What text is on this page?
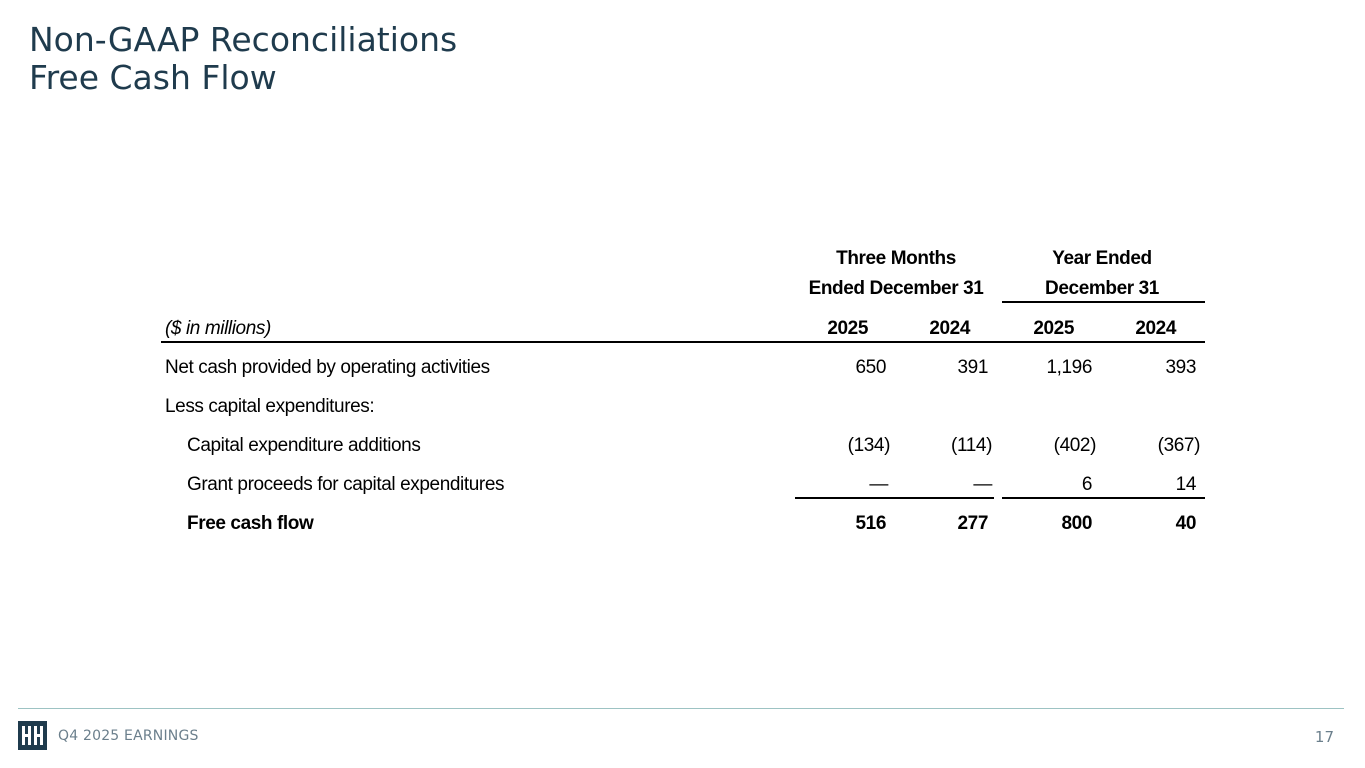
Non-GAAP Reconciliations
Free Cash Flow
Three Months
Ended December 31
Year Ended
December 31
($ in millions)	2025	2024	2025	2024
Net cash provided by operating activities	650	391	1,196	393
Less capital expenditures:
Capital expenditure additions	(134)	(114)	(402)	(367)
Grant proceeds for capital expenditures	—	—	6	14
Free cash flow	516	277	800	40
Q4 2025 EARNINGS	17
